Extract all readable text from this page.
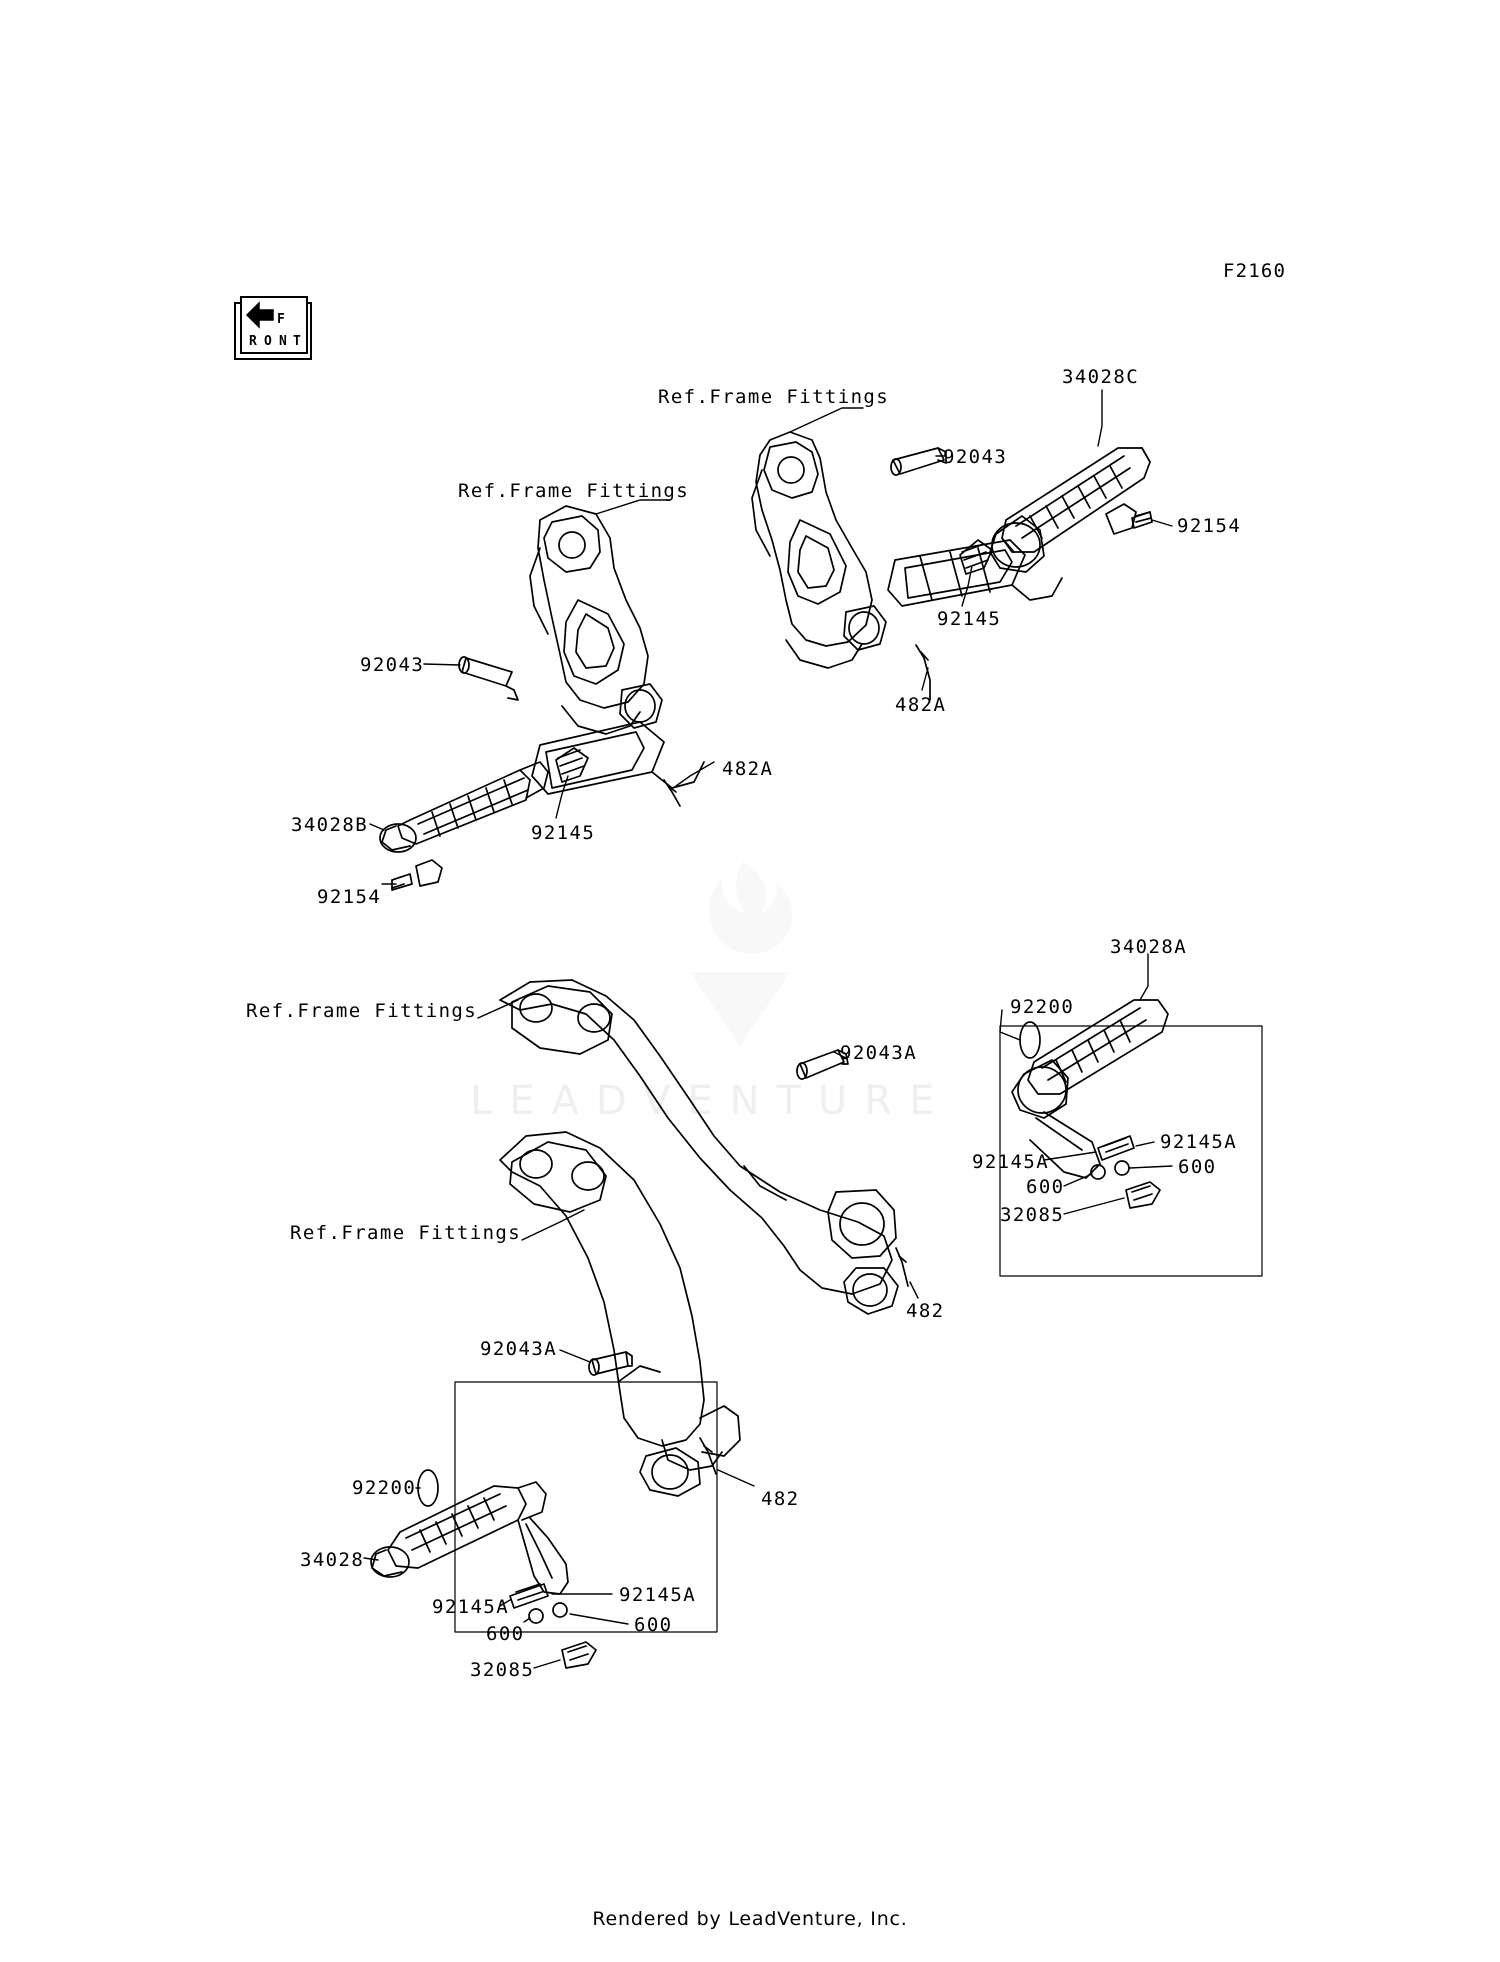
F2160
LEADVENTURE
F
R O N T
Ref.Frame Fittings
Ref.Frame Fittings
Ref.Frame Fittings
Ref.Frame Fittings
34028C
92043
92154
92145
482A
92043
482A
34028B	92145
92154
34028A
92200
92043A
92145A
92145A	600
600
32085
482
92043A
92200	482
34028
92145A
92145A
600	600
32085
Rendered by LeadVenture, Inc.
